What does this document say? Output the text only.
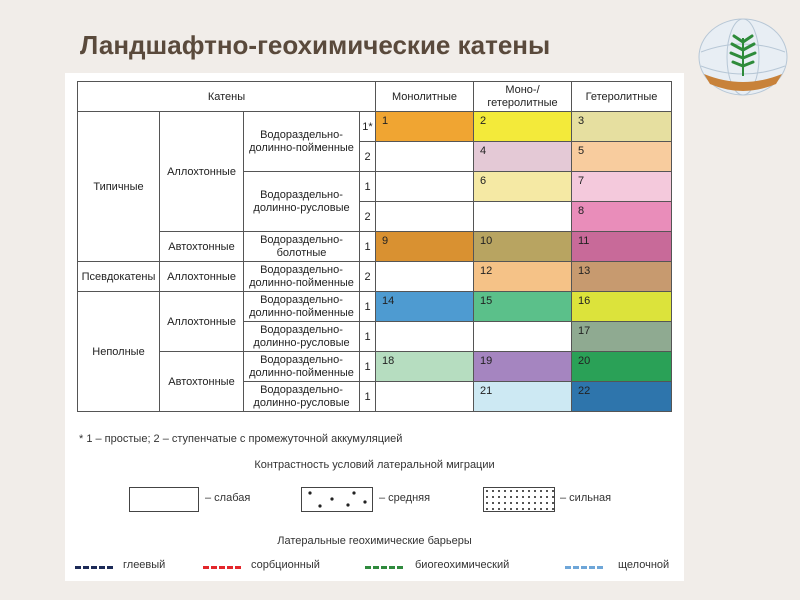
Ландшафтно-геохимические катены
Катены				Монолитные	Моно-/
гетеролитные	Гетеролитные
Типичные	Аллохтонные	Водораздельно-
долинно-пойменные	1*	1	2	3
			2		4	5
		Водораздельно-
долинно-русловые	1		6	7
			2			8
	Автохтонные	Водораздельно-
болотные	1	9	10	11
Псевдокатены	Аллохтонные	Водораздельно-
долинно-пойменные	2		12	13
Неполные	Аллохтонные	Водораздельно-
долинно-пойменные	1	14	15	16
		Водораздельно-
долинно-русловые	1			17
	Автохтонные	Водораздельно-
долинно-пойменные	1	18	19	20
		Водораздельно-
долинно-русловые	1		21	22
* 1 – простые; 2 – ступенчатые с промежуточной аккумуляцией
Контрастность условий латеральной миграции
– слабая	– средняя	– сильная
Латеральные геохимические барьеры
глеевый	сорбционный	биогеохимический	щелочной
